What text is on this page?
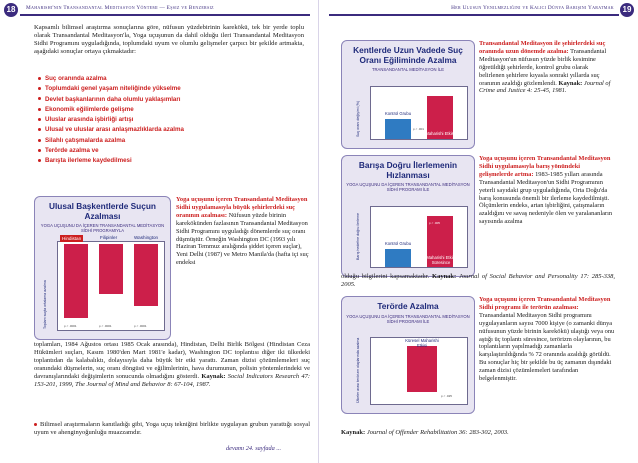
18	Maharishi'nin Transandantal Meditasyon Yöntemi — Eşsiz ve Benzersiz
Kapsamlı bilimsel araştırma sonuçlarına göre, nüfusun yüzdebirinin karekökü, tek bir yerde toplu olarak Transandantal Meditasyon'la, Yoga uçuşunun da dahil olduğu ileri Transandantal Meditasyon Sidhi Programını uyguladığında, toplumdaki uyum ve olumlu gelişmeler çarpıcı bir şekilde artmakta, aşağıdaki sonuçlar ortaya çıkmaktadır:
Suç oranında azalma
Toplumdaki genel yaşam niteliğinde yükselme
Devlet başkanlarının daha olumlu yaklaşımları
Ekonomik eğilimlerde gelişme
Uluslar arasında işbirliği artışı
Ulusal ve uluslar arası anlaşmazlıklarda azalma
Silahlı çatışmalarda azalma
Terörde azalma ve
Barışta ilerleme kaydedilmesi
Ulusal Başkentlerde Suçun Azalması
YOGA UÇUŞUNU DA İÇEREN TRANSANDANTAL MEDİTASYON SİDHİ PROGRAMIYLA
Hindistan	Filipinler	Washington
p < .0001	p < .0001	p < .0001
Toplam suçta ortalama azalma
Yoga uçuşunu içeren Transandantal Meditasyon Sidhi uygulamasıyla büyük şehirlerdeki suç oranının azalması: Nüfusun yüzde birinin karekökünden fazlasının Transandantal Meditasyon Sidhi Programını uyguladığı dönemlerde suç oranı düşmüştür. Örneğin Washington DC (1993 yılı Haziran Temmuz aralığında şiddet içeren suçlar), Yeni Delhi (1987) ve Metro Manila'da (hafta içi suç endeksi
toplamları, 1984 Ağustos ortası 1985 Ocak arasında), Hindistan, Delhi Birlik Bölgesi (Hindistan Ceza Hükümleri suçları, Kasım 1980'den Mart 1981'e kadar), Washington DC toplantısı diğer iki ülkedeki toplantıdan da kalabalıktı, dolayısıyla daha büyük bir etki yarattı. Zaman dizisi çözümlemeleri suç oranındaki düşmelerin, suç oranı döngüsü ve eğilimlerinin, hava durumunun, polisin yöntemlerindeki ve davranışlarındaki değişimlerin sonucunda olmadığını gösterdi. Kaynak: Social Indicators Research 47: 153-201, 1999, The Journal of Mind and Behavior 8: 67-104, 1987.
Bilimsel araştırmaların kanıtladığı gibi, Yoga uçuş tekniğini birlikte uygulayan grubun yarattığı sosyal uyum ve ahenginyoğunluğu muazzamdır.
devamı 24. sayfada ...
19
Her Ulusun Yenilmezliğini ve Kalıcı Dünya Barışını Yaratmak
Kentlerde Uzun Vadede Suç Oranı Eğiliminde Azalma
TRANSANDANTAL MEDİTASYON İLE
Kontrol Grubu
Maharishi Etkisi
p < .001
Suç oranı değişimi (%)
Transandantal Meditasyon ile şehirlerdeki suç oranında uzun dönemde azalma: Transandantal Meditasyon'un nüfusun yüzde birlik kesimine öğretildiği şehirlerde, kontrol grubu olarak belirlenen şehirlere kıyasla sonraki yıllarda suç oranının azaldığı gözlemlendi. Kaynak: Journal of Crime and Justice 4: 25-45, 1981.
Barışa Doğru İlerlemenin Hızlanması
YOGA UÇUŞUNU DA İÇEREN TRANSANDANTAL MEDİTASYON SİDHİ PROGRAMI İLE
Kontrol Grubu
Maharishi Etkisi Süresince
p < .005
Barış hedefine doğru ilerleme
Yoga uçuşunu içeren Transandantal Meditasyon Sidhi uygulamasıyla barış yönündeki gelişmelerde artma: 1983-1985 yılları arasında Transandantal Meditasyon'un Sidhi Programının yeterli sayıdaki grup uyguladığında, Orta Doğu'da barış konusunda önemli bir ilerleme kaydedilmişti. Ölçümlerin endeks, artan işbirliğini, çatışmaların azaldığını ve savaş nedeniyle ölen ve yaralananların sayısında azalma
olduğu bilgilerini kapsamaktadır. Kaynak: Journal of Social Behavior and Personality 17: 285-338, 2005.
Terörde Azalma
YOGA UÇUŞUNU DA İÇEREN TRANSANDANTAL MEDİTASYON SİDHİ PROGRAMI İLE
Küresel Maharishi Etkisi
p < .025
Ülkeler arası terörizm olaylarında azalma
Yoga uçuşunu içeren Transandantal Meditasyon Sidhi programı ile terörün azalması: Transandantal Meditasyon Sidhi programını uygulayanların sayısı 7000 kişiye (o zamanki dünya nüfusunun yüzde birinin karekökü) ulaştığı veya onu aştığı üç toplantı süresince, terörizm olaylarının, bu toplantıların yapılmadığı zamanlarla karşılaştırıldığında % 72 oranında azaldığı görüldü. Bu sonuçlar hiç bir şekilde bu üç zamanın dışındaki zaman dizisi çözümlemeleri tarafından belgelenmiştir.
Kaynak: Journal of Offender Rehabilitation 36: 283-302, 2003.
